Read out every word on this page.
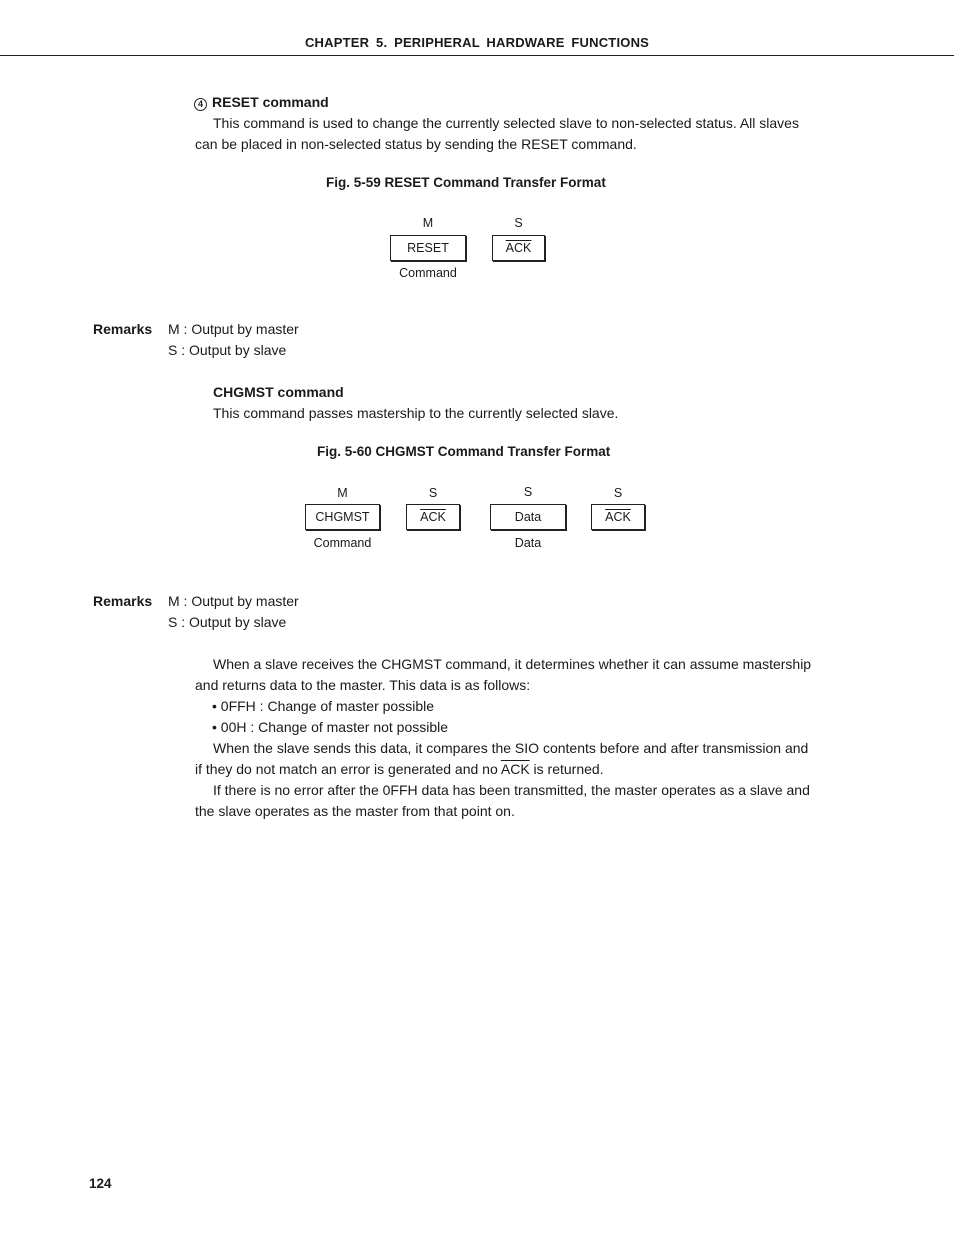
CHAPTER 5. PERIPHERAL HARDWARE FUNCTIONS
4 RESET command
This command is used to change the currently selected slave to non-selected status. All slaves
can be placed in non-selected status by sending the RESET command.
Fig. 5-59 RESET Command Transfer Format
M
RESET
Command
S
$\overline{ACK}$
Remarks M : Output by master
S : Output by slave
CHGMST command
This command passes mastership to the currently selected slave.
Fig. 5-60 CHGMST Command Transfer Format
M
CHGMST
Command
S
$\overline{ACK}$
S
Data
Data
S
$\overline{ACK}$
Remarks M : Output by master
S : Output by slave
When a slave receives the CHGMST command, it determines whether it can assume mastership
and returns data to the master. This data is as follows:
• 0FFH : Change of master possible
• 00H : Change of master not possible
When the slave sends this data, it compares the SIO contents before and after transmission and
if they do not match an error is generated and no $\overline{ACK}$ is returned.
If there is no error after the 0FFH data has been transmitted, the master operates as a slave and
the slave operates as the master from that point on.
124
